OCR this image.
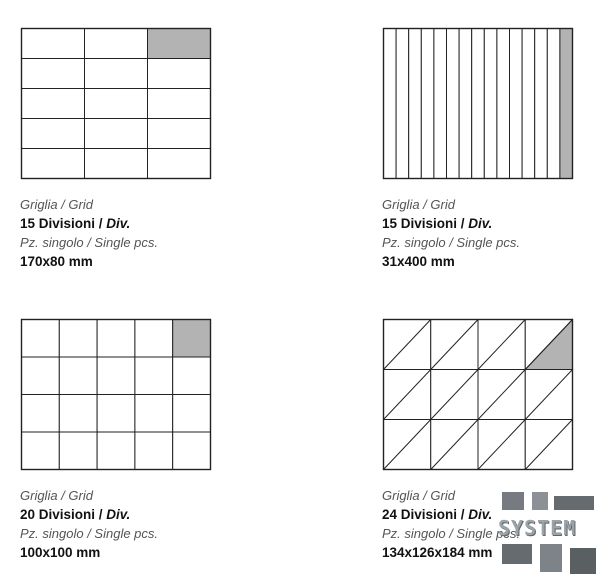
Griglia / Grid
15 Divisioni / Div.
Pz. singolo / Single pcs.
170x80 mm
Griglia / Grid
15 Divisioni / Div.
Pz. singolo / Single pcs.
31x400 mm
Griglia / Grid
20 Divisioni / Div.
Pz. singolo / Single pcs.
100x100 mm
Griglia / Grid
24 Divisioni / Div.
Pz. singolo / Single pcs.
134x126x184 mm
SYSTEM
